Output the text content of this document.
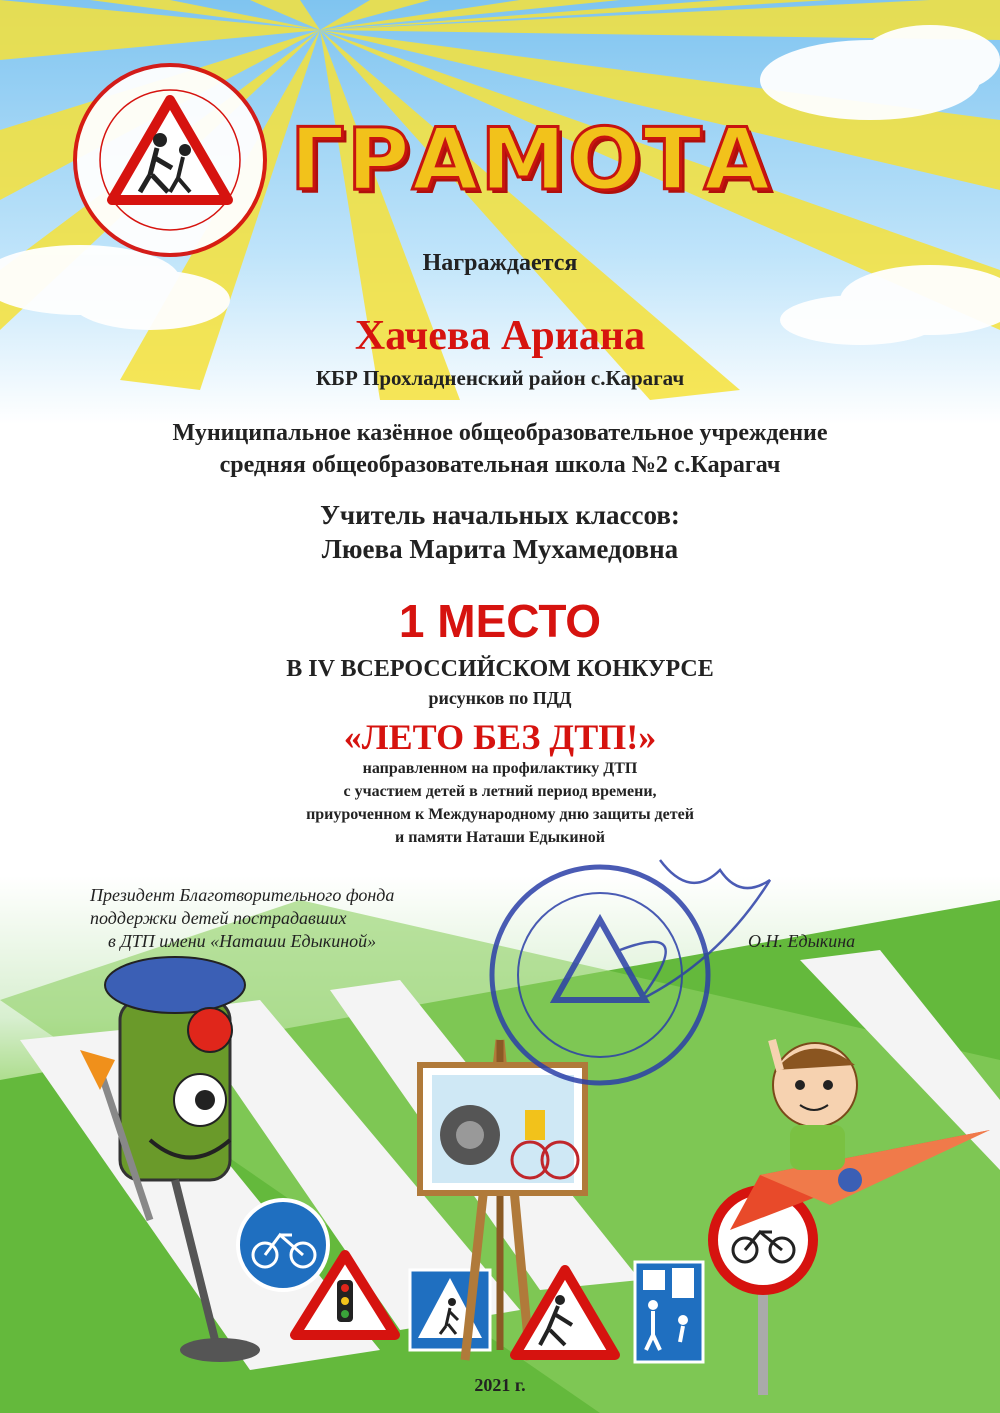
ГРАМОТА
Награждается
Хачева Ариана
КБР Прохладненский район с.Карагач
Муниципальное казённое общеобразовательное учреждение
средняя общеобразовательная школа №2 с.Карагач
Учитель начальных классов:
Люева Марита Мухамедовна
1 МЕСТО
В IV ВСЕРОССИЙСКОМ КОНКУРСЕ
рисунков по ПДД
«ЛЕТО БЕЗ ДТП!»
направленном на профилактику ДТП
с участием детей в летний период времени,
приуроченном к Международному дню защиты детей
и памяти Наташи Едыкиной
Президент Благотворительного фонда
поддержки детей пострадавших
в ДТП имени «Наташи Едыкиной»	О.Н. Едыкина
2021 г.
